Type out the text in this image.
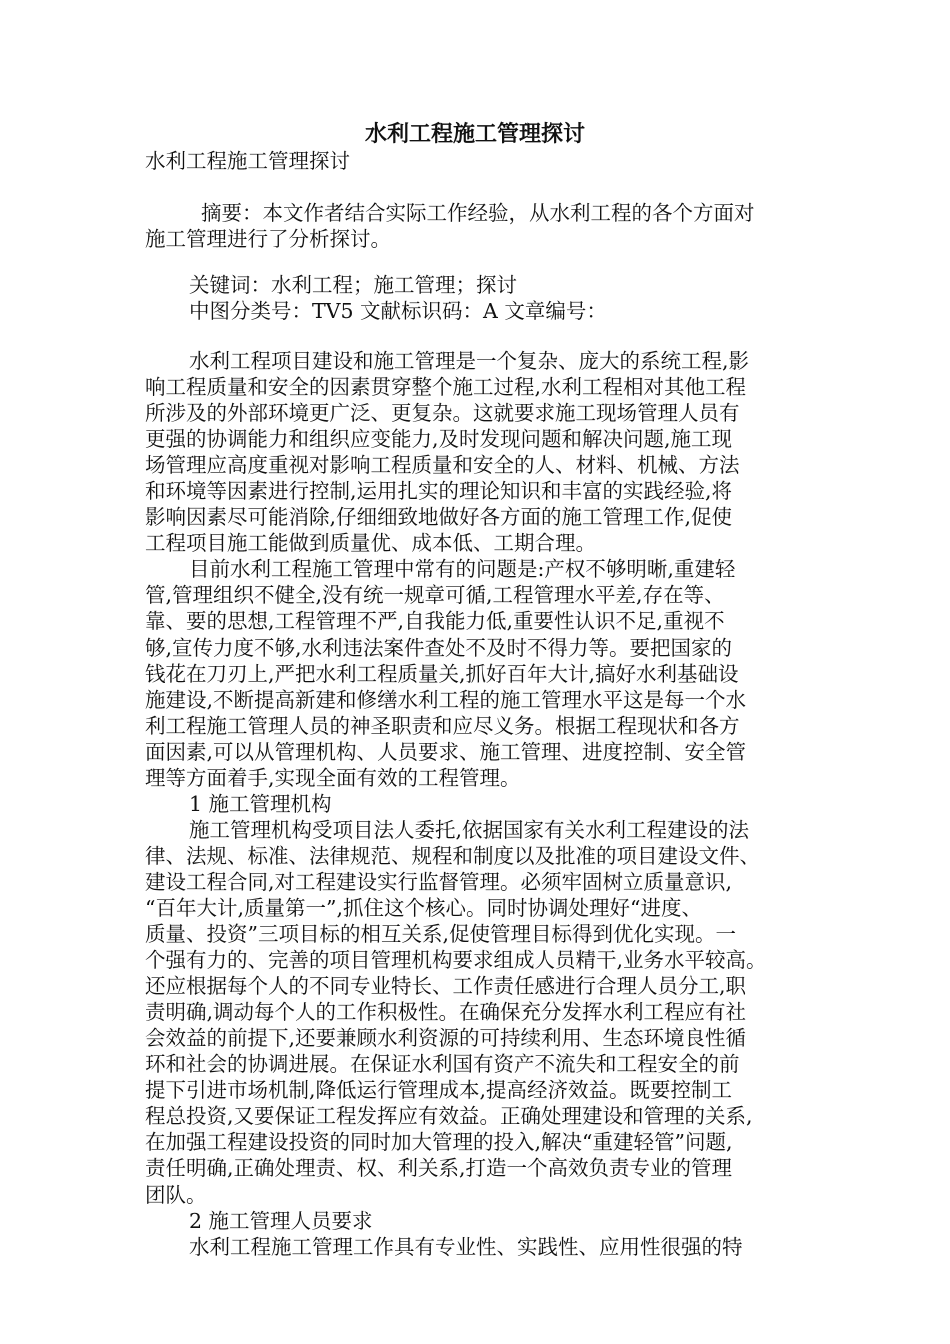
水利工程施工管理探讨

水利工程施工管理探讨

摘要：本文作者结合实际工作经验，从水利工程的各个方面对
施工管理进行了分析探讨。
关键词：水利工程；施工管理；探讨
中图分类号：TV5 文献标识码：A 文章编号：
水利工程项目建设和施工管理是一个复杂、庞大的系统工程,影
响工程质量和安全的因素贯穿整个施工过程,水利工程相对其他工程
所涉及的外部环境更广泛、更复杂。这就要求施工现场管理人员有
更强的协调能力和组织应变能力,及时发现问题和解决问题,施工现
场管理应高度重视对影响工程质量和安全的人、材料、机械、方法
和环境等因素进行控制,运用扎实的理论知识和丰富的实践经验,将
影响因素尽可能消除,仔细细致地做好各方面的施工管理工作,促使
工程项目施工能做到质量优、成本低、工期合理。
目前水利工程施工管理中常有的问题是:产权不够明晰,重建轻
管,管理组织不健全,没有统一规章可循,工程管理水平差,存在等、
靠、要的思想,工程管理不严,自我能力低,重要性认识不足,重视不
够,宣传力度不够,水利违法案件查处不及时不得力等。要把国家的
钱花在刀刃上,严把水利工程质量关,抓好百年大计,搞好水利基础设
施建设,不断提高新建和修缮水利工程的施工管理水平这是每一个水
利工程施工管理人员的神圣职责和应尽义务。根据工程现状和各方
面因素,可以从管理机构、人员要求、施工管理、进度控制、安全管
理等方面着手,实现全面有效的工程管理。
1 施工管理机构
施工管理机构受项目法人委托,依据国家有关水利工程建设的法
律、法规、标准、法律规范、规程和制度以及批准的项目建设文件、
建设工程合同,对工程建设实行监督管理。必须牢固树立质量意识,
“百年大计,质量第一”,抓住这个核心。同时协调处理好“进度、
质量、投资”三项目标的相互关系,促使管理目标得到优化实现。一
个强有力的、完善的项目管理机构要求组成人员精干,业务水平较高。
还应根据每个人的不同专业特长、工作责任感进行合理人员分工,职
责明确,调动每个人的工作积极性。在确保充分发挥水利工程应有社
会效益的前提下,还要兼顾水利资源的可持续利用、生态环境良性循
环和社会的协调进展。在保证水利国有资产不流失和工程安全的前
提下引进市场机制,降低运行管理成本,提高经济效益。既要控制工
程总投资,又要保证工程发挥应有效益。正确处理建设和管理的关系,
在加强工程建设投资的同时加大管理的投入,解决“重建轻管”问题,
责任明确,正确处理责、权、利关系,打造一个高效负责专业的管理
团队。
2 施工管理人员要求
水利工程施工管理工作具有专业性、实践性、应用性很强的特
